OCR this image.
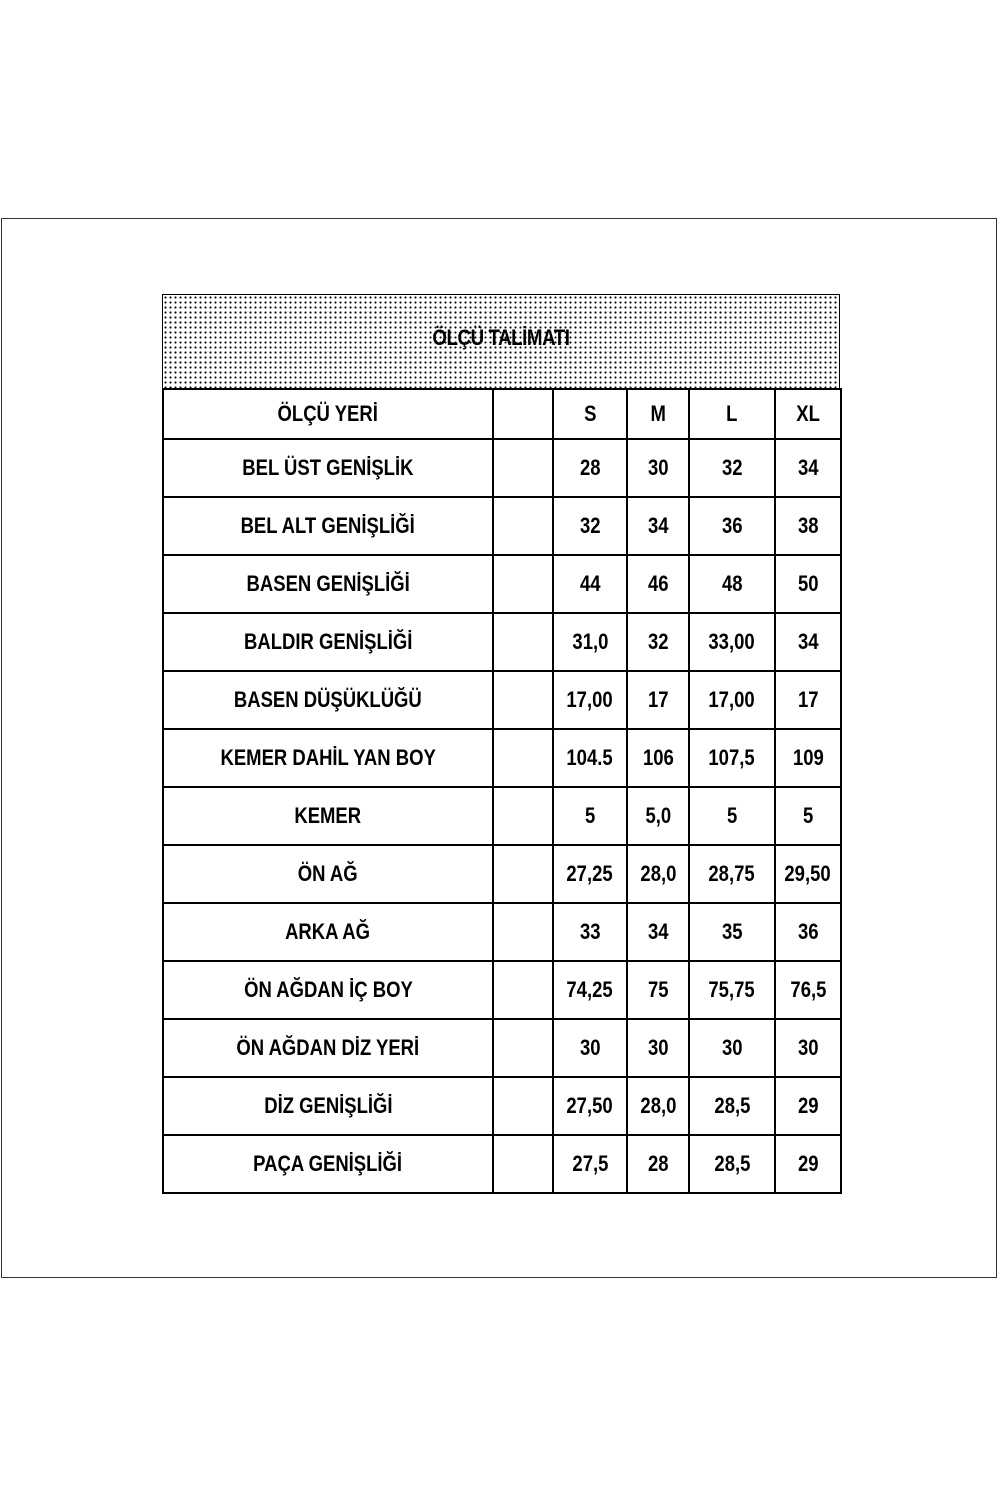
ÖLÇÜ TALİMATI
ÖLÇÜ YERİ		S	M	L	XL
BEL ÜST GENİŞLİK		28	30	32	34
BEL ALT GENİŞLİĞİ		32	34	36	38
BASEN GENİŞLİĞİ		44	46	48	50
BALDIR GENİŞLİĞİ		31,0	32	33,00	34
BASEN DÜŞÜKLÜĞÜ		17,00	17	17,00	17
KEMER DAHİL YAN BOY		104.5	106	107,5	109
KEMER		5	5,0	5	5
ÖN AĞ		27,25	28,0	28,75	29,50
ARKA AĞ		33	34	35	36
ÖN AĞDAN İÇ BOY		74,25	75	75,75	76,5
ÖN AĞDAN DİZ YERİ		30	30	30	30
DİZ GENİŞLİĞİ		27,50	28,0	28,5	29
PAÇA GENİŞLİĞİ		27,5	28	28,5	29
